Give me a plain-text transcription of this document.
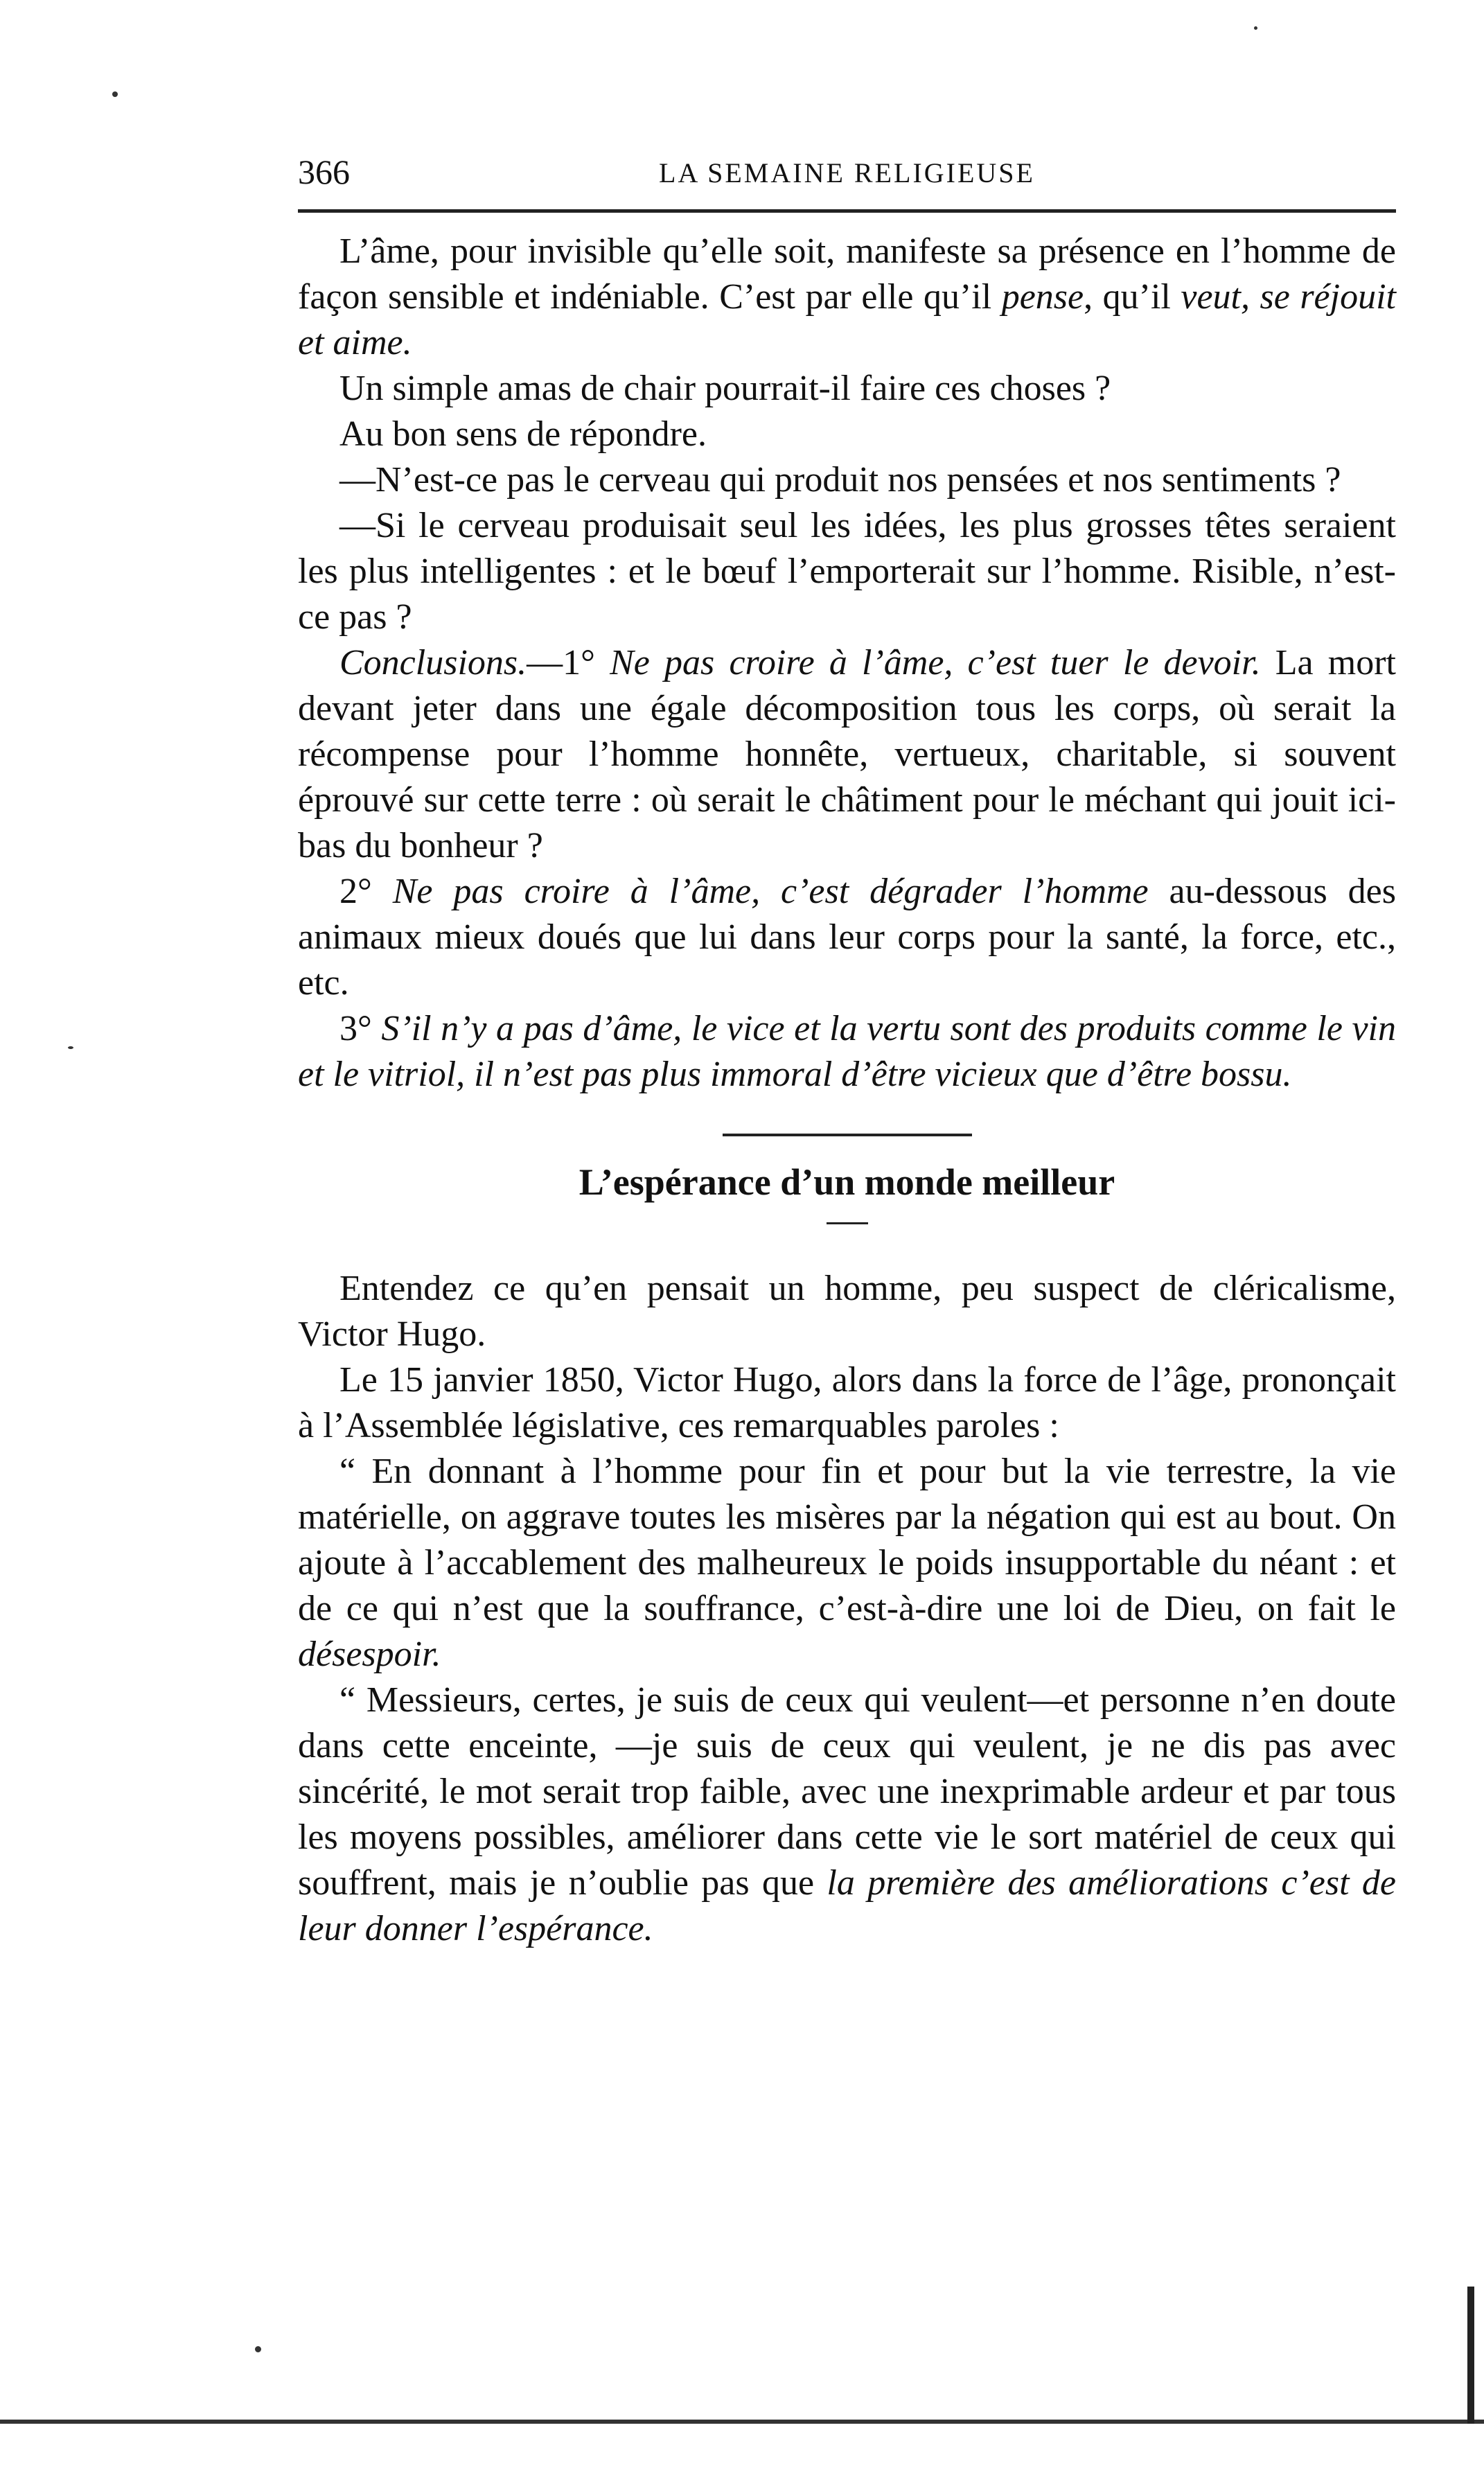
366	LA SEMAINE RELIGIEUSE

L’âme, pour invisible qu’elle soit, manifeste sa présence en l’homme de façon sensible et indéniable. C’est par elle qu’il pense, qu’il veut, se réjouit et aime.

Un simple amas de chair pourrait-il faire ces choses ?

Au bon sens de répondre.

—N’est-ce pas le cerveau qui produit nos pensées et nos sentiments ?

—Si le cerveau produisait seul les idées, les plus grosses têtes seraient les plus intelligentes : et le bœuf l’emporterait sur l’homme. Risible, n’est-ce pas ?

Conclusions.—1° Ne pas croire à l’âme, c’est tuer le devoir. La mort devant jeter dans une égale décomposition tous les corps, où serait la récompense pour l’homme honnête, vertueux, charitable, si souvent éprouvé sur cette terre : où serait le châtiment pour le méchant qui jouit ici-bas du bonheur ?

2° Ne pas croire à l’âme, c’est dégrader l’homme au-dessous des animaux mieux doués que lui dans leur corps pour la santé, la force, etc., etc.

3° S’il n’y a pas d’âme, le vice et la vertu sont des produits comme le vin et le vitriol, il n’est pas plus immoral d’être vicieux que d’être bossu.

L’espérance d’un monde meilleur

Entendez ce qu’en pensait un homme, peu suspect de cléricalisme, Victor Hugo.

Le 15 janvier 1850, Victor Hugo, alors dans la force de l’âge, prononçait à l’Assemblée législative, ces remarquables paroles :

“ En donnant à l’homme pour fin et pour but la vie terrestre, la vie matérielle, on aggrave toutes les misères par la négation qui est au bout. On ajoute à l’accablement des malheureux le poids insupportable du néant : et de ce qui n’est que la souffrance, c’est-à-dire une loi de Dieu, on fait le désespoir.

“ Messieurs, certes, je suis de ceux qui veulent—et personne n’en doute dans cette enceinte, —je suis de ceux qui veulent, je ne dis pas avec sincérité, le mot serait trop faible, avec une inexprimable ardeur et par tous les moyens possibles, améliorer dans cette vie le sort matériel de ceux qui souffrent, mais je n’oublie pas que la première des améliorations c’est de leur donner l’espérance.
